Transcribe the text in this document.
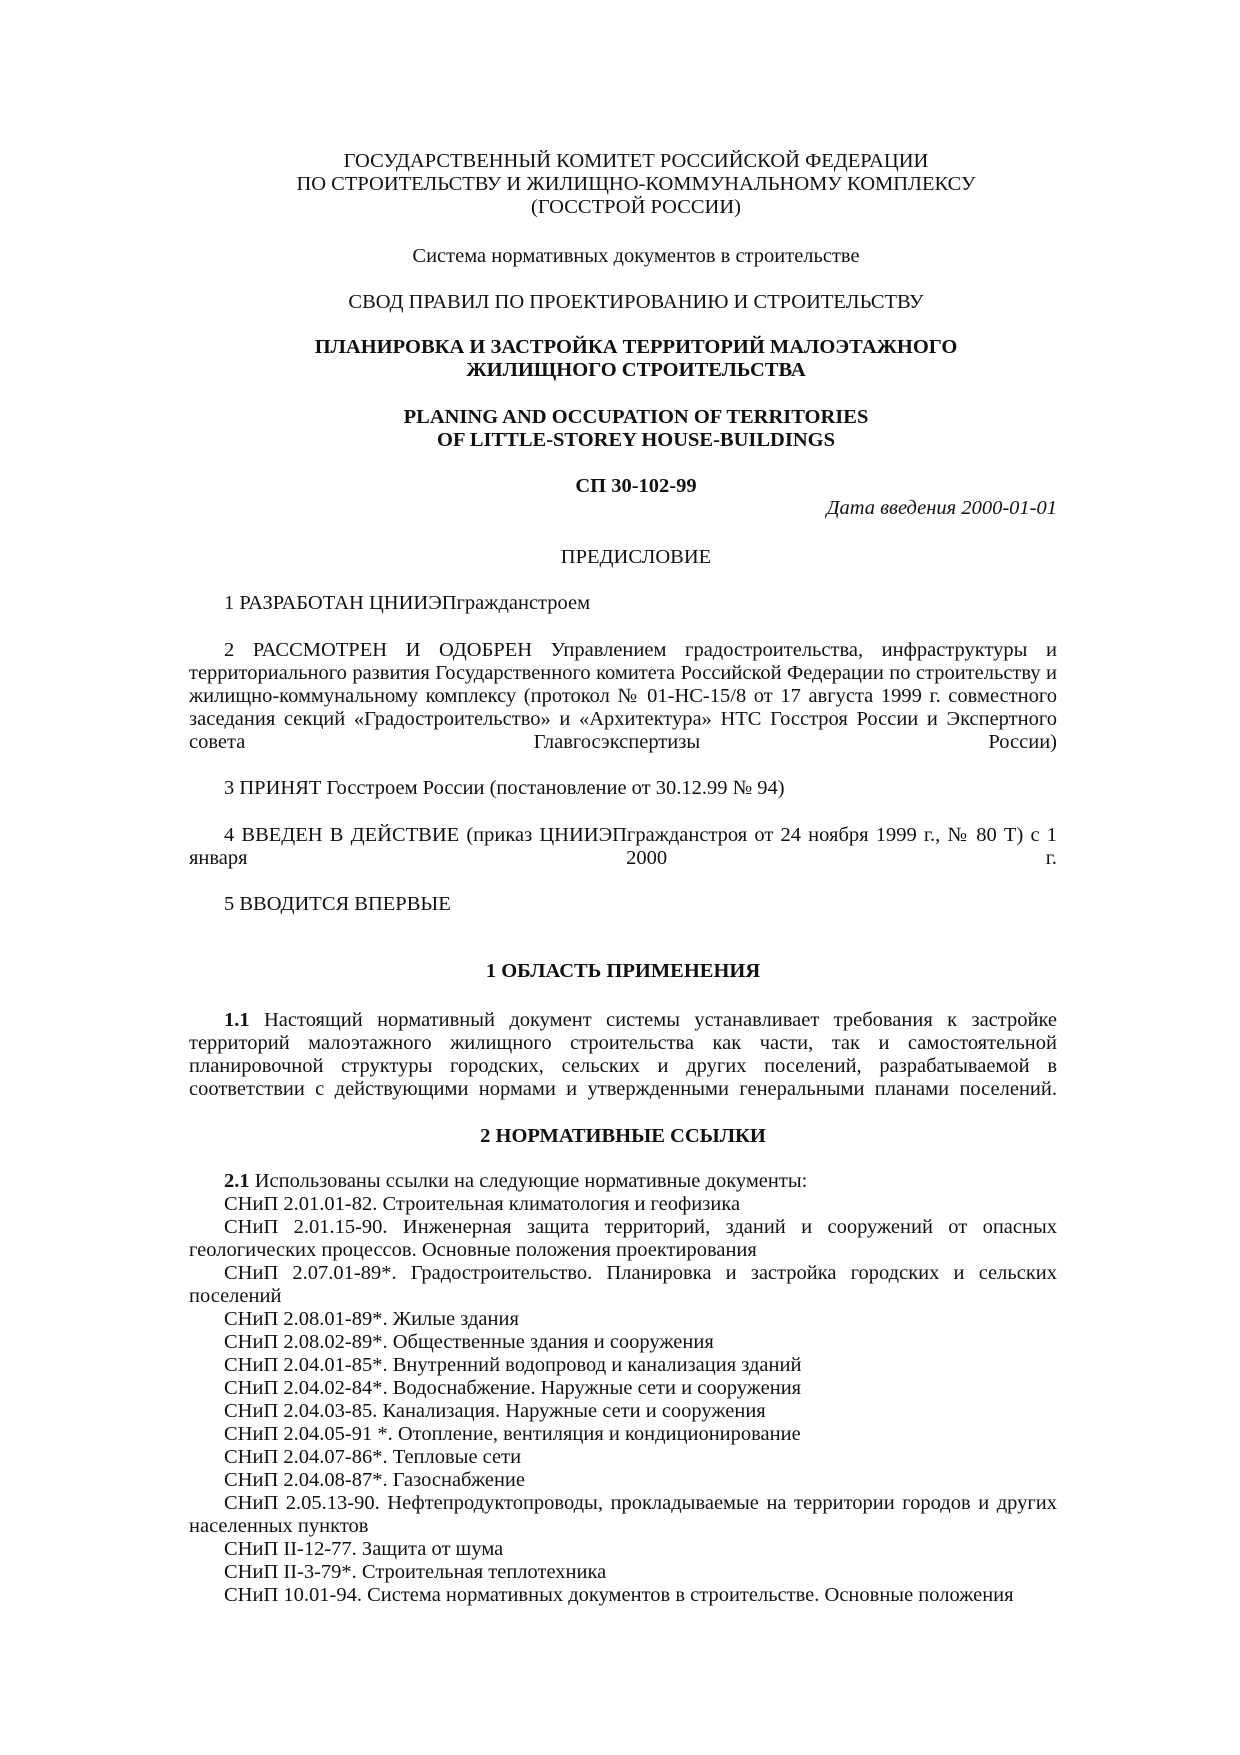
ГОСУДАРСТВЕННЫЙ КОМИТЕТ РОССИЙСКОЙ ФЕДЕРАЦИИ
ПО СТРОИТЕЛЬСТВУ И ЖИЛИЩНО-КОММУНАЛЬНОМУ КОМПЛЕКСУ
(ГОССТРОЙ РОССИИ)
Система нормативных документов в строительстве
СВОД ПРАВИЛ ПО ПРОЕКТИРОВАНИЮ И СТРОИТЕЛЬСТВУ
ПЛАНИРОВКА И ЗАСТРОЙКА ТЕРРИТОРИЙ МАЛОЭТАЖНОГО
ЖИЛИЩНОГО СТРОИТЕЛЬСТВА
PLANING AND OCCUPATION OF TERRITORIES
OF LITTLE-STOREY HOUSE-BUILDINGS
СП 30-102-99
Дата введения 2000-01-01
ПРЕДИСЛОВИЕ

1 РАЗРАБОТАН ЦНИИЭПгражданстроем

2 РАССМОТРЕН И ОДОБРЕН Управлением градостроительства, инфраструктуры и территориального развития Государственного комитета Российской Федерации по строительству и жилищно-коммунальному комплексу (протокол № 01-НС-15/8 от 17 августа 1999 г. совместного заседания секций «Градостроительство» и «Архитектура» НТС Госстроя России и Экспертного совета Главгосэкспертизы России)

3 ПРИНЯТ Госстроем России (постановление от 30.12.99 № 94)

4 ВВЕДЕН В ДЕЙСТВИЕ (приказ ЦНИИЭПгражданстроя от 24 ноября 1999 г., № 80 Т) с 1 января 2000 г.

5 ВВОДИТСЯ ВПЕРВЫЕ

1 ОБЛАСТЬ ПРИМЕНЕНИЯ

1.1 Настоящий нормативный документ системы устанавливает требования к застройке территорий малоэтажного жилищного строительства как части, так и самостоятельной планировочной структуры городских, сельских и других поселений, разрабатываемой в соответствии с действующими нормами и утвержденными генеральными планами поселений.

2 НОРМАТИВНЫЕ ССЫЛКИ
2.1 Использованы ссылки на следующие нормативные документы:
СНиП 2.01.01-82. Строительная климатология и геофизика
СНиП 2.01.15-90. Инженерная защита территорий, зданий и сооружений от опасных геологических процессов. Основные положения проектирования
СНиП 2.07.01-89*. Градостроительство. Планировка и застройка городских и сельских поселений
СНиП 2.08.01-89*. Жилые здания
СНиП 2.08.02-89*. Общественные здания и сооружения
СНиП 2.04.01-85*. Внутренний водопровод и канализация зданий
СНиП 2.04.02-84*. Водоснабжение. Наружные сети и сооружения
СНиП 2.04.03-85. Канализация. Наружные сети и сооружения
СНиП 2.04.05-91 *. Отопление, вентиляция и кондиционирование
СНиП 2.04.07-86*. Тепловые сети
СНиП 2.04.08-87*. Газоснабжение
СНиП 2.05.13-90. Нефтепродуктопроводы, прокладываемые на территории городов и других населенных пунктов
СНиП II-12-77. Защита от шума
СНиП II-3-79*. Строительная теплотехника
СНиП 10.01-94. Система нормативных документов в строительстве. Основные положения
